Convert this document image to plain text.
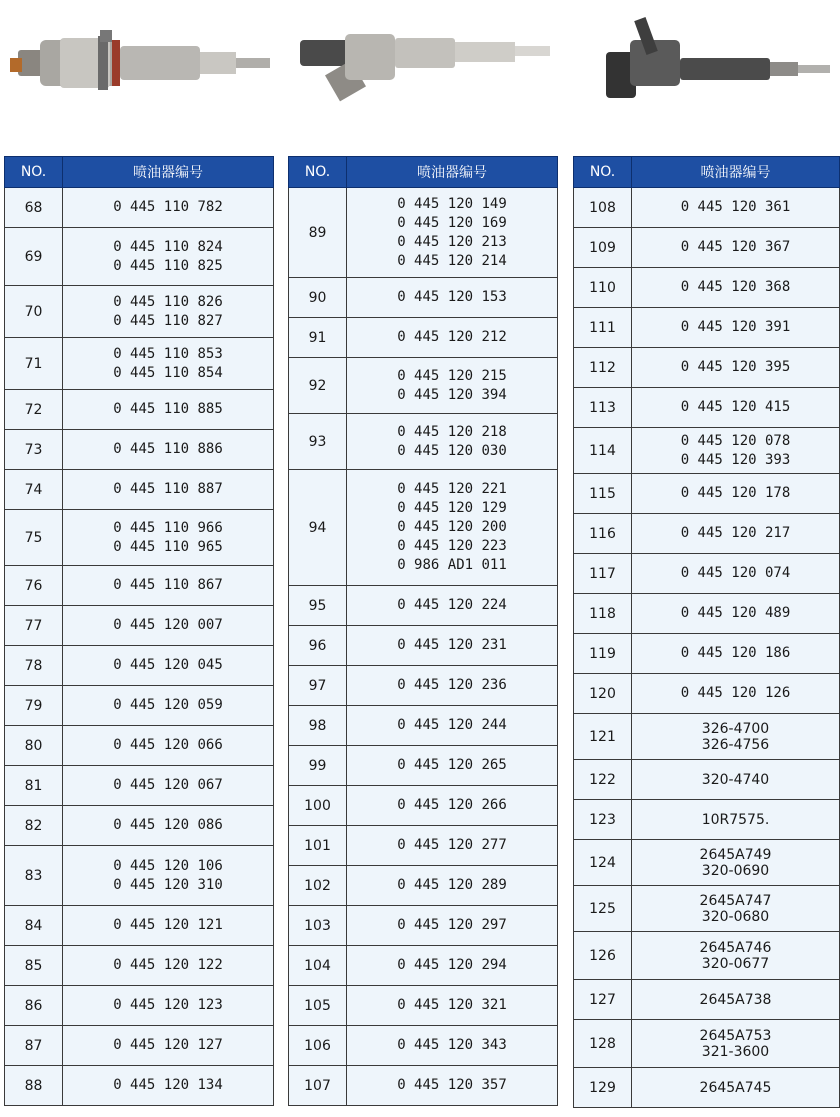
NO.	喷油器编号
68	0 445 110 782

69	0 445 110 824
0 445 110 825

70	0 445 110 826
0 445 110 827

71	0 445 110 853
0 445 110 854

72	0 445 110 885

73	0 445 110 886

74	0 445 110 887

75	0 445 110 966
0 445 110 965

76	0 445 110 867

77	0 445 120 007

78	0 445 120 045

79	0 445 120 059

80	0 445 120 066

81	0 445 120 067

82	0 445 120 086

83	0 445 120 106
0 445 120 310

84	0 445 120 121

85	0 445 120 122

86	0 445 120 123

87	0 445 120 127

88	0 445 120 134
NO.	喷油器编号
89	0 445 120 149
0 445 120 169
0 445 120 213
0 445 120 214

90	0 445 120 153

91	0 445 120 212

92	0 445 120 215
0 445 120 394

93	0 445 120 218
0 445 120 030

94	0 445 120 221
0 445 120 129
0 445 120 200
0 445 120 223
0 986 AD1 011

95	0 445 120 224

96	0 445 120 231

97	0 445 120 236

98	0 445 120 244

99	0 445 120 265

100	0 445 120 266

101	0 445 120 277

102	0 445 120 289

103	0 445 120 297

104	0 445 120 294

105	0 445 120 321

106	0 445 120 343

107	0 445 120 357
NO.	喷油器编号
108	0 445 120 361

109	0 445 120 367

110	0 445 120 368

111	0 445 120 391

112	0 445 120 395

113	0 445 120 415

114	0 445 120 078
0 445 120 393

115	0 445 120 178

116	0 445 120 217

117	0 445 120 074

118	0 445 120 489

119	0 445 120 186

120	0 445 120 126

121	326-4700
326-4756

122	320-4740

123	10R7575.

124	2645A749
320-0690

125	2645A747
320-0680

126	2645A746
320-0677

127	2645A738

128	2645A753
321-3600

129	2645A745
